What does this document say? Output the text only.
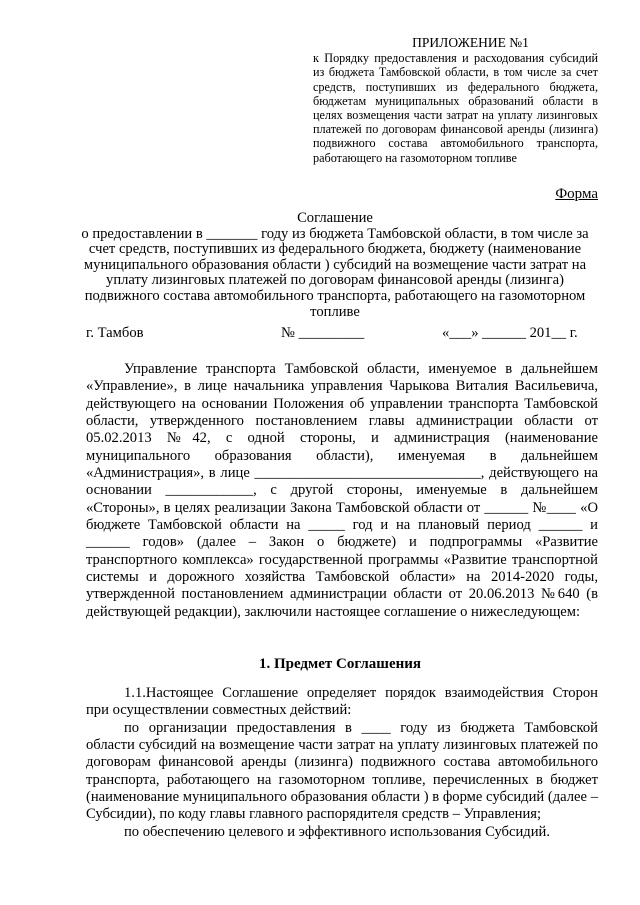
ПРИЛОЖЕНИЕ №1
к Порядку предоставления и расходования субсидий из бюджета Тамбовской области, в том числе за счет средств, поступивших из федерального бюджета, бюджетам муниципальных образований области в целях возмещения части затрат на уплату лизинговых платежей по договорам финансовой аренды (лизинга) подвижного состава автомобильного транспорта, работающего на газомоторном топливе
Форма
Соглашение
о предоставлении в _______ году из бюджета Тамбовской области, в том числе за счет средств, поступивших из федерального бюджета, бюджету (наименование муниципального образования области ) субсидий на возмещение части затрат на уплату лизинговых платежей по договорам финансовой аренды (лизинга) подвижного состава автомобильного транспорта, работающего на газомоторном топливе
г. Тамбов	№ _________	«___» ______ 201__ г.

Управление транспорта Тамбовской области, именуемое в дальнейшем «Управление», в лице начальника управления Чарыкова Виталия Васильевича, действующего на основании Положения об управлении транспорта Тамбовской области, утвержденного постановлением главы администрации области от 05.02.2013 №42, с одной стороны, и администрация (наименование муниципального образования области), именуемая в дальнейшем «Администрация», в лице _______________________________, действующего на основании ____________, с другой стороны, именуемые в дальнейшем «Стороны», в целях реализации Закона Тамбовской области от ______ №____ «О бюджете Тамбовской области на _____ год и на плановый период ______ и ______ годов» (далее – Закон о бюджете) и подпрограммы «Развитие транспортного комплекса» государственной программы «Развитие транспортной системы и дорожного хозяйства Тамбовской области» на 2014-2020 годы, утвержденной постановлением администрации области от 20.06.2013 №640 (в действующей редакции), заключили настоящее соглашение о нижеследующем:

1. Предмет Соглашения

1.1.Настоящее Соглашение определяет порядок взаимодействия Сторон при осуществлении совместных действий:

по организации предоставления в ____ году из бюджета Тамбовской области субсидий на возмещение части затрат на уплату лизинговых платежей по договорам финансовой аренды (лизинга) подвижного состава автомобильного транспорта, работающего на газомоторном топливе, перечисленных в бюджет (наименование муниципального образования области ) в форме субсидий (далее – Субсидии), по коду главы главного распорядителя средств – Управления;

по обеспечению целевого и эффективного использования Субсидий.
